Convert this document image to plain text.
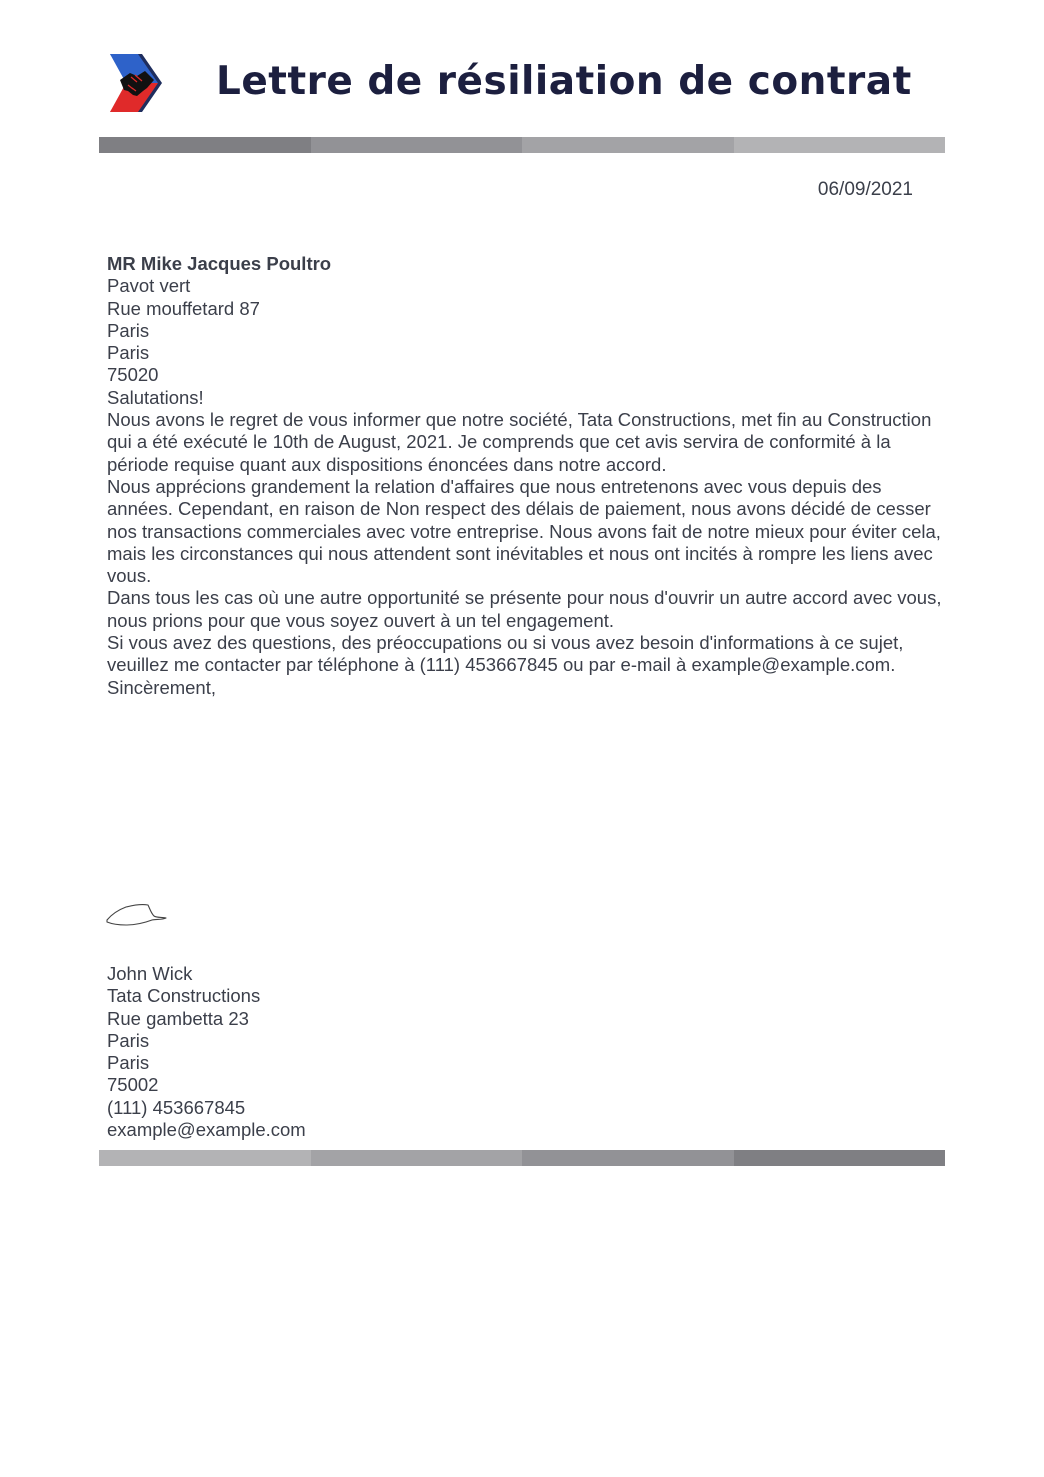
Lettre de résiliation de contrat
06/09/2021
MR Mike Jacques Poultro
Pavot vert
Rue mouffetard 87
Paris
Paris
75020

Salutations!

Nous avons le regret de vous informer que notre société, Tata Constructions, met fin au Construction qui a été exécuté le 10th de August, 2021. Je comprends que cet avis servira de conformité à la période requise quant aux dispositions énoncées dans notre accord.

Nous apprécions grandement la relation d'affaires que nous entretenons avec vous depuis des années. Cependant, en raison de Non respect des délais de paiement, nous avons décidé de cesser nos transactions commerciales avec votre entreprise. Nous avons fait de notre mieux pour éviter cela, mais les circonstances qui nous attendent sont inévitables et nous ont incités à rompre les liens avec vous.

Dans tous les cas où une autre opportunité se présente pour nous d'ouvrir un autre accord avec vous, nous prions pour que vous soyez ouvert à un tel engagement.

Si vous avez des questions, des préoccupations ou si vous avez besoin d'informations à ce sujet, veuillez me contacter par téléphone à (111) 453667845 ou par e-mail à example@example.com.

Sincèrement,

John Wick
Tata Constructions
Rue gambetta 23
Paris
Paris
75002
(111) 453667845
example@example.com
